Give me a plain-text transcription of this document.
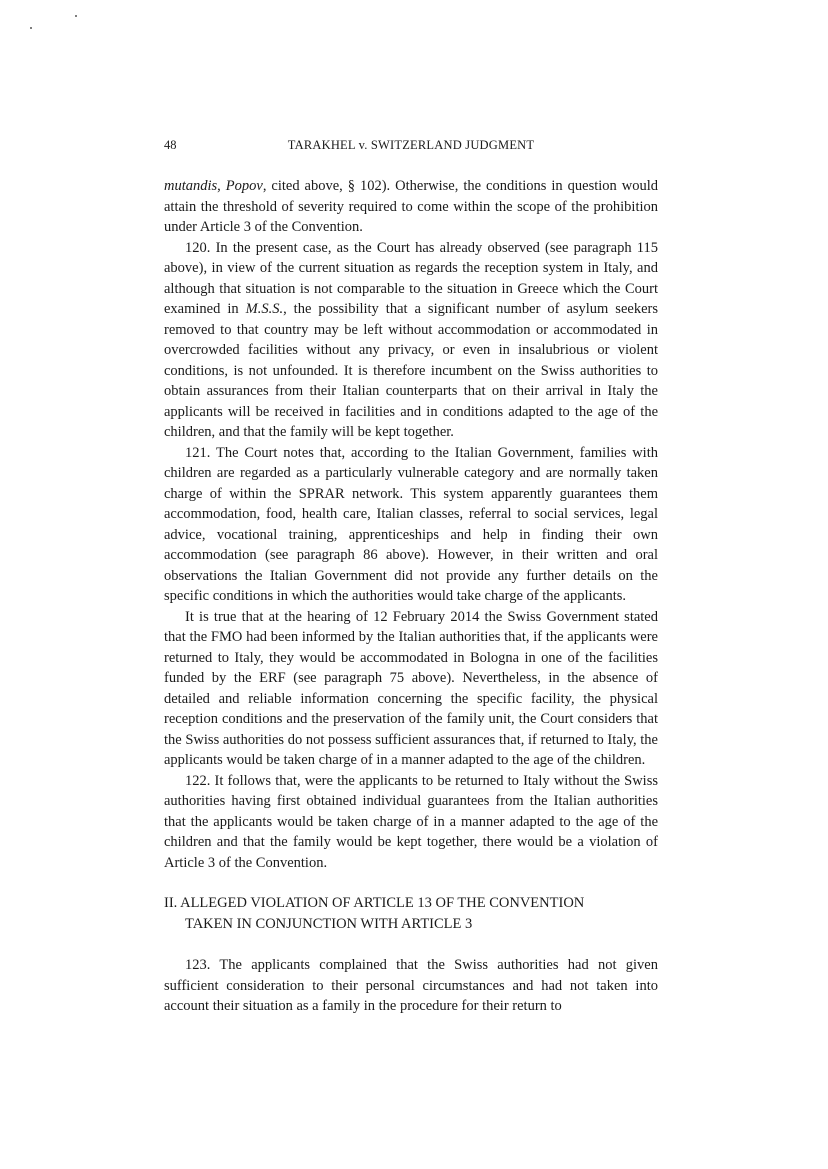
48	TARAKHEL v. SWITZERLAND JUDGMENT

mutandis, Popov, cited above, § 102). Otherwise, the conditions in question would attain the threshold of severity required to come within the scope of the prohibition under Article 3 of the Convention.

120. In the present case, as the Court has already observed (see paragraph 115 above), in view of the current situation as regards the reception system in Italy, and although that situation is not comparable to the situation in Greece which the Court examined in M.S.S., the possibility that a significant number of asylum seekers removed to that country may be left without accommodation or accommodated in overcrowded facilities without any privacy, or even in insalubrious or violent conditions, is not unfounded. It is therefore incumbent on the Swiss authorities to obtain assurances from their Italian counterparts that on their arrival in Italy the applicants will be received in facilities and in conditions adapted to the age of the children, and that the family will be kept together.

121. The Court notes that, according to the Italian Government, families with children are regarded as a particularly vulnerable category and are normally taken charge of within the SPRAR network. This system apparently guarantees them accommodation, food, health care, Italian classes, referral to social services, legal advice, vocational training, apprenticeships and help in finding their own accommodation (see paragraph 86 above). However, in their written and oral observations the Italian Government did not provide any further details on the specific conditions in which the authorities would take charge of the applicants.

It is true that at the hearing of 12 February 2014 the Swiss Government stated that the FMO had been informed by the Italian authorities that, if the applicants were returned to Italy, they would be accommodated in Bologna in one of the facilities funded by the ERF (see paragraph 75 above). Nevertheless, in the absence of detailed and reliable information concerning the specific facility, the physical reception conditions and the preservation of the family unit, the Court considers that the Swiss authorities do not possess sufficient assurances that, if returned to Italy, the applicants would be taken charge of in a manner adapted to the age of the children.

122. It follows that, were the applicants to be returned to Italy without the Swiss authorities having first obtained individual guarantees from the Italian authorities that the applicants would be taken charge of in a manner adapted to the age of the children and that the family would be kept together, there would be a violation of Article 3 of the Convention.

II. ALLEGED VIOLATION OF ARTICLE 13 OF THE CONVENTION
TAKEN IN CONJUNCTION WITH ARTICLE 3

123. The applicants complained that the Swiss authorities had not given sufficient consideration to their personal circumstances and had not taken into account their situation as a family in the procedure for their return to
